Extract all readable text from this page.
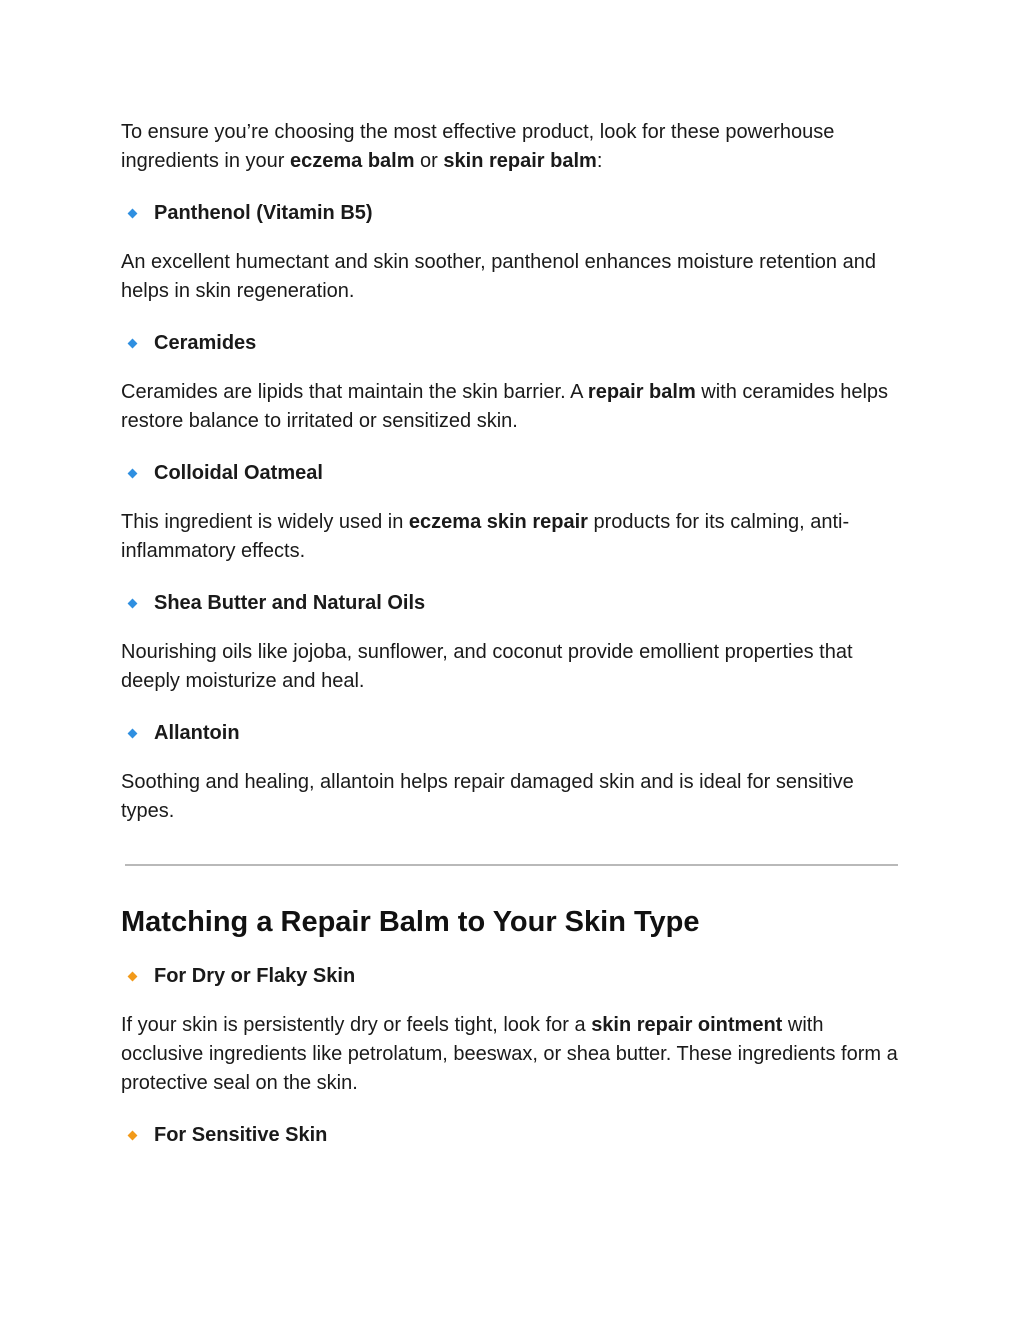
To ensure you’re choosing the most effective product, look for these powerhouse ingredients in your eczema balm or skin repair balm:

Panthenol (Vitamin B5)

An excellent humectant and skin soother, panthenol enhances moisture retention and helps in skin regeneration.

Ceramides

Ceramides are lipids that maintain the skin barrier. A repair balm with ceramides helps restore balance to irritated or sensitized skin.

Colloidal Oatmeal

This ingredient is widely used in eczema skin repair products for its calming, anti-inflammatory effects.

Shea Butter and Natural Oils

Nourishing oils like jojoba, sunflower, and coconut provide emollient properties that deeply moisturize and heal.

Allantoin

Soothing and healing, allantoin helps repair damaged skin and is ideal for sensitive types.

Matching a Repair Balm to Your Skin Type
For Dry or Flaky Skin

If your skin is persistently dry or feels tight, look for a skin repair ointment with occlusive ingredients like petrolatum, beeswax, or shea butter. These ingredients form a protective seal on the skin.

For Sensitive Skin
